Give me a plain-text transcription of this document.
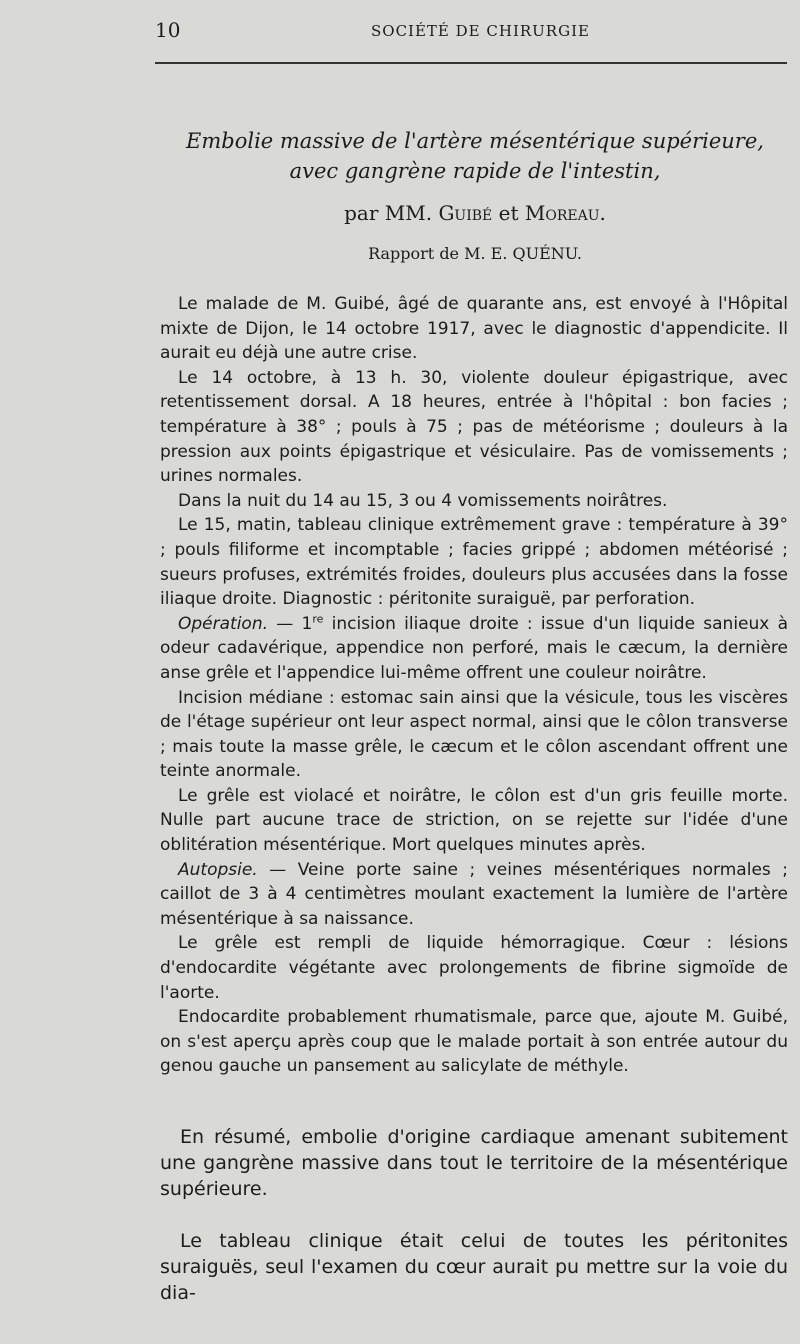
10	SOCIÉTÉ DE CHIRURGIE
Embolie massive de l'artère mésentérique supérieure,
avec gangrène rapide de l'intestin,
par MM. Guibé et Moreau.
Rapport de M. E. QUÉNU.

Le malade de M. Guibé, âgé de quarante ans, est envoyé à l'Hôpital mixte de Dijon, le 14 octobre 1917, avec le diagnostic d'appendicite. Il aurait eu déjà une autre crise.

Le 14 octobre, à 13 h. 30, violente douleur épigastrique, avec retentissement dorsal. A 18 heures, entrée à l'hôpital : bon facies ; température à 38° ; pouls à 75 ; pas de météorisme ; douleurs à la pression aux points épigastrique et vésiculaire. Pas de vomissements ; urines normales.

Dans la nuit du 14 au 15, 3 ou 4 vomissements noirâtres.

Le 15, matin, tableau clinique extrêmement grave : température à 39° ; pouls filiforme et incomptable ; facies grippé ; abdomen météorisé ; sueurs profuses, extrémités froides, douleurs plus accusées dans la fosse iliaque droite. Diagnostic : péritonite suraiguë, par perforation.

Opération. — 1re incision iliaque droite : issue d'un liquide sanieux à odeur cadavérique, appendice non perforé, mais le cæcum, la dernière anse grêle et l'appendice lui-même offrent une couleur noirâtre.

Incision médiane : estomac sain ainsi que la vésicule, tous les viscères de l'étage supérieur ont leur aspect normal, ainsi que le côlon transverse ; mais toute la masse grêle, le cæcum et le côlon ascendant offrent une teinte anormale.

Le grêle est violacé et noirâtre, le côlon est d'un gris feuille morte. Nulle part aucune trace de striction, on se rejette sur l'idée d'une oblitération mésentérique. Mort quelques minutes après.

Autopsie. — Veine porte saine ; veines mésentériques normales ; caillot de 3 à 4 centimètres moulant exactement la lumière de l'artère mésentérique à sa naissance.

Le grêle est rempli de liquide hémorragique. Cœur : lésions d'endocardite végétante avec prolongements de fibrine sigmoïde de l'aorte.

Endocardite probablement rhumatismale, parce que, ajoute M. Guibé, on s'est aperçu après coup que le malade portait à son entrée autour du genou gauche un pansement au salicylate de méthyle.

En résumé, embolie d'origine cardiaque amenant subitement une gangrène massive dans tout le territoire de la mésentérique supérieure.

Le tableau clinique était celui de toutes les péritonites suraiguës, seul l'examen du cœur aurait pu mettre sur la voie du dia-
